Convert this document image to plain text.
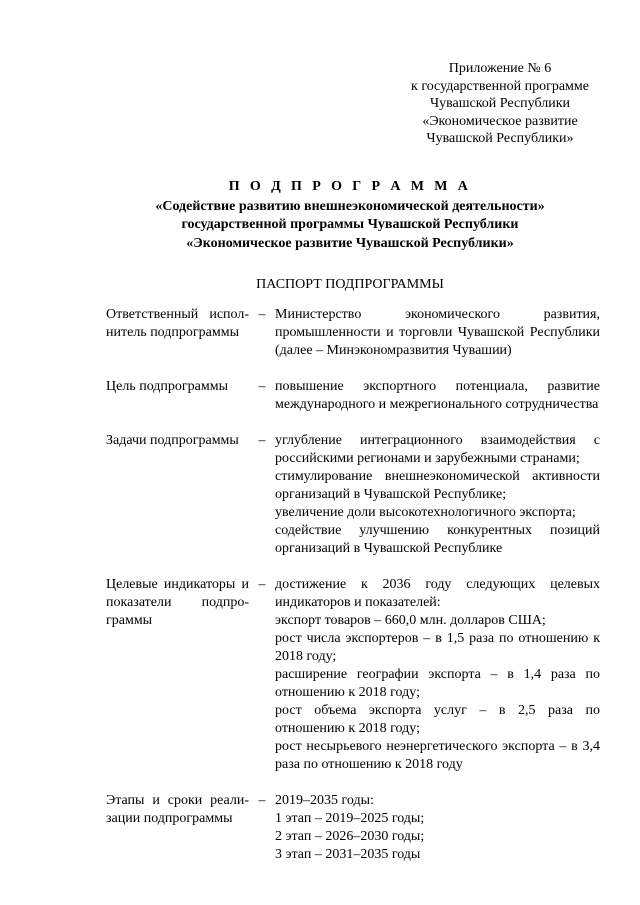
Приложение № 6
к государственной программе
Чувашской Республики
«Экономическое развитие
Чувашской Республики»
П О Д П Р О Г Р А М М А
«Содействие развитию внешнеэкономической деятельности»
государственной программы Чувашской Республики
«Экономическое развитие Чувашской Республики»
ПАСПОРТ ПОДПРОГРАММЫ
Ответственный испол-
нитель подпрограммы
– Министерство экономического развития, промышленности и торговли Чувашской Республики (далее – Минэкономразвития Чувашии)
Цель подпрограммы	– повышение экспортного потенциала, развитие международного и межрегионального сотрудничества
Задачи подпрограммы	– углубление интеграционного взаимодействия с российскими регионами и зарубежными странами;
стимулирование внешнеэкономической активности организаций в Чувашской Республике;
увеличение доли высокотехнологичного экспорта;
содействие улучшению конкурентных позиций организаций в Чувашской Республике
Целевые индикаторы и
показатели подпро-
граммы
– достижение к 2036 году следующих целевых индикаторов и показателей:
экспорт товаров – 660,0 млн. долларов США;
рост числа экспортеров – в 1,5 раза по отношению к 2018 году;
расширение географии экспорта – в 1,4 раза по отношению к 2018 году;
рост объема экспорта услуг – в 2,5 раза по отношению к 2018 году;
рост несырьевого неэнергетического экспорта – в 3,4 раза по отношению к 2018 году
Этапы и сроки реали-
зации подпрограммы
– 2019–2035 годы:
1 этап – 2019–2025 годы;
2 этап – 2026–2030 годы;
3 этап – 2031–2035 годы
